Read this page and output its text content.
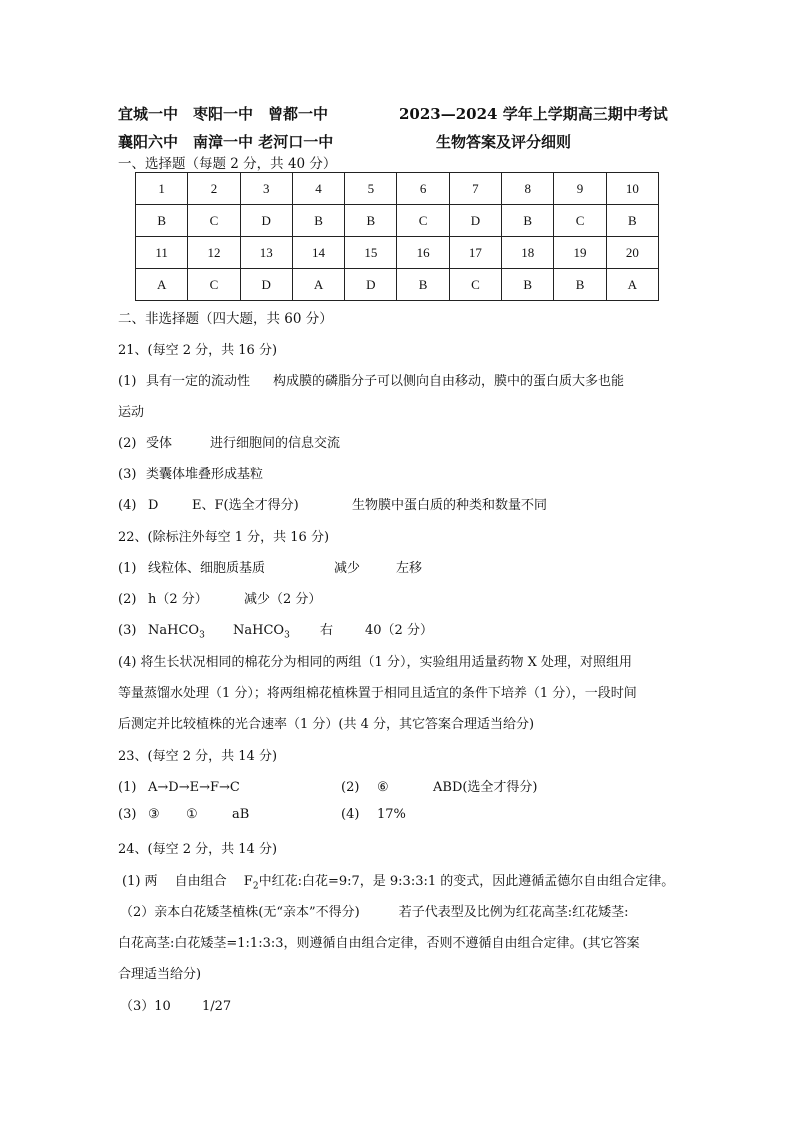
宜城一中　枣阳一中　曾都一中	2023—2024 学年上学期高三期中考试
襄阳六中　南漳一中 老河口一中	生物答案及评分细则
一、选择题（每题 2 分，共 40 分）
1	2	3	4	5	6	7	8	9	10
B	C	D	B	B	C	D	B	C	B
11	12	13	14	15	16	17	18	19	20
A	C	D	A	D	B	C	B	B	A
二、非选择题（四大题，共 60 分）
21、(每空 2 分，共 16 分)
(1) 具有一定的流动性 构成膜的磷脂分子可以侧向自由移动，膜中的蛋白质大多也能
运动
(2) 受体	进行细胞间的信息交流
(3) 类囊体堆叠形成基粒
(4) D	E、F(选全才得分)	生物膜中蛋白质的种类和数量不同
22、(除标注外每空 1 分，共 16 分)
(1) 线粒体、细胞质基质	减少	左移
(2) h（2 分）	减少（2 分）
(3) NaHCO$_3$ NaHCO$_3$ 右 40（2 分）
(4) 将生长状况相同的棉花分为相同的两组（1 分），实验组用适量药物 X 处理，对照组用
等量蒸馏水处理（1 分）；将两组棉花植株置于相同且适宜的条件下培养（1 分），一段时间
后测定并比较植株的光合速率（1 分）(共 4 分，其它答案合理适当给分)
23、(每空 2 分，共 14 分)
(1) A→D→E→F→C	(2) ⑥	ABD(选全才得分)
(3) ③ ①	aB	(4) 17%
24、(每空 2 分，共 14 分)
(1) 两　 自由组合　 $F_2$中红花:白花=9:7，是 9:3:3:1 的变式，因此遵循孟德尔自由组合定律。
（2）亲本白花矮茎植株(无“亲本”不得分)　　　若子代表型及比例为红花高茎:红花矮茎:
白花高茎:白花矮茎=1:1:3:3，则遵循自由组合定律，否则不遵循自由组合定律。(其它答案
合理适当给分)
（3）10 1/27
